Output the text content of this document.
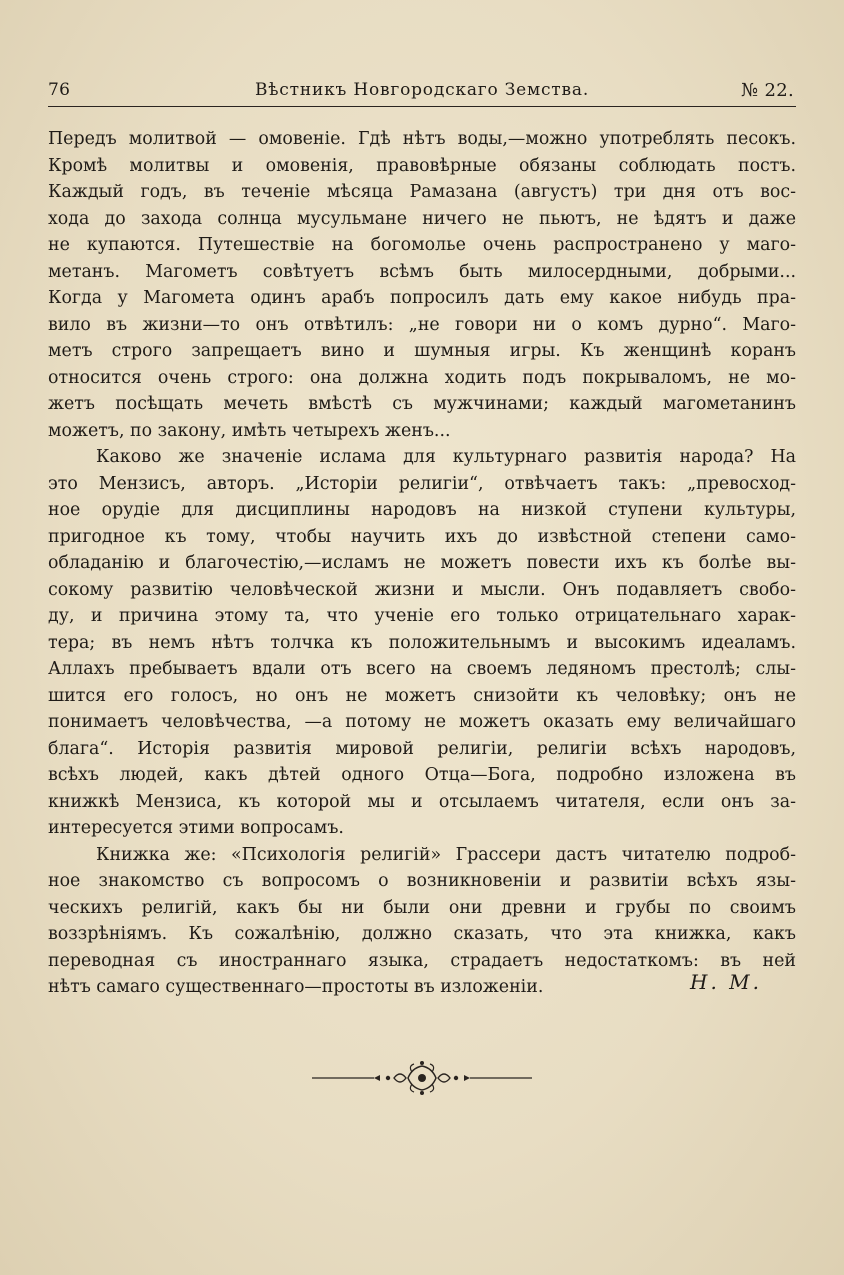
76	Вѣстникъ Новгородскаго Земства.	№ 22.

Передъ молитвой — омовеніе. Гдѣ нѣтъ воды,—можно употреблять песокъ.
Кромѣ молитвы и омовенія, правовѣрные обязаны соблюдать постъ.
Каждый годъ, въ теченіе мѣсяца Рамазана (августъ) три дня отъ вос-
хода до захода солнца мусульмане ничего не пьютъ, не ѣдятъ и даже
не купаются. Путешествіе на богомолье очень распространено у маго-
метанъ. Магометъ совѣтуетъ всѣмъ быть милосердными, добрыми...
Когда у Магомета одинъ арабъ попросилъ дать ему какое нибудь пра-
вило въ жизни—то онъ отвѣтилъ: „не говори ни о комъ дурно“. Маго-
метъ строго запрещаетъ вино и шумныя игры. Къ женщинѣ коранъ
относится очень строго: она должна ходить подъ покрываломъ, не мо-
жетъ посѣщать мечеть вмѣстѣ съ мужчинами; каждый магометанинъ
можетъ, по закону, имѣть четырехъ женъ...

Каково же значеніе ислама для культурнаго развитія народа? На
это Мензисъ, авторъ. „Исторіи религіи“, отвѣчаетъ такъ: „превосход-
ное орудіе для дисциплины народовъ на низкой ступени культуры,
пригодное къ тому, чтобы научить ихъ до извѣстной степени само-
обладанію и благочестію,—исламъ не можетъ повести ихъ къ болѣе вы-
сокому развитію человѣческой жизни и мысли. Онъ подавляетъ свобо-
ду, и причина этому та, что ученіе его только отрицательнаго харак-
тера; въ немъ нѣтъ толчка къ положительнымъ и высокимъ идеаламъ.
Аллахъ пребываетъ вдали отъ всего на своемъ ледяномъ престолѣ; слы-
шится его голосъ, но онъ не можетъ снизойти къ человѣку; онъ не
понимаетъ человѣчества, —а потому не можетъ оказать ему величайшаго
блага“. Исторія развитія мировой религіи, религіи всѣхъ народовъ,
всѣхъ людей, какъ дѣтей одного Отца—Бога, подробно изложена въ
книжкѣ Мензиса, къ которой мы и отсылаемъ читателя, если онъ за-
интересуется этими вопросамъ.

Книжка же: «Психологія религій» Грассери дастъ читателю подроб-
ное знакомство съ вопросомъ о возникновеніи и развитіи всѣхъ язы-
ческихъ религій, какъ бы ни были они древни и грубы по своимъ
воззрѣніямъ. Къ сожалѣнію, должно сказать, что эта книжка, какъ
переводная съ иностраннаго языка, страдаетъ недостаткомъ: въ ней
нѣтъ самаго существеннаго—простоты въ изложеніи.	Н. М.
